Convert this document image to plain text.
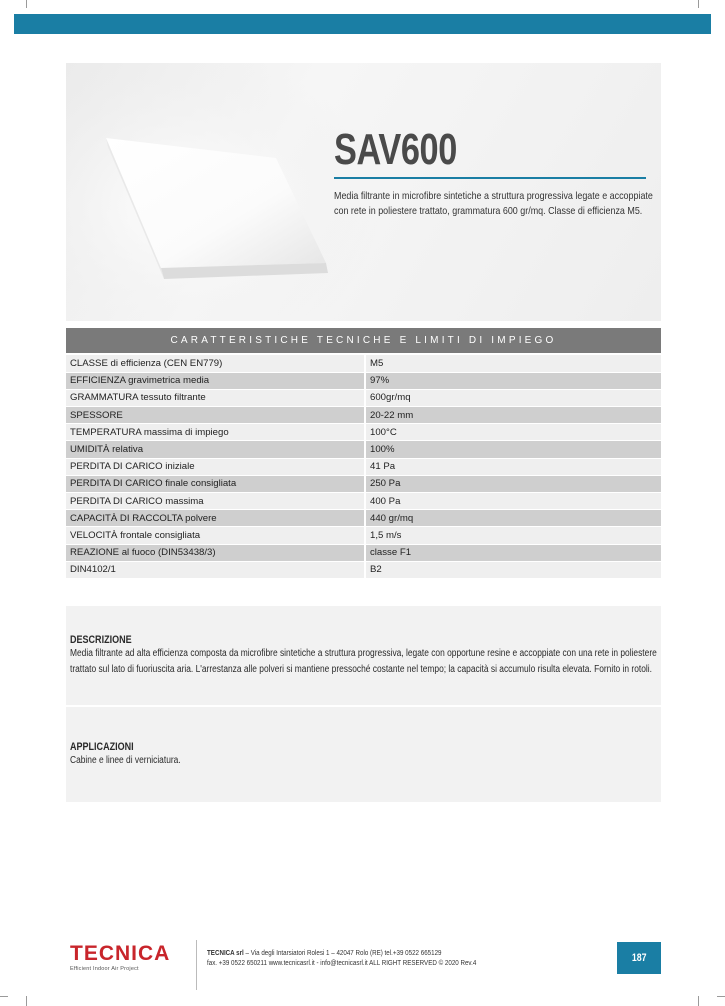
SAV600

Media filtrante in microfibre sintetiche a struttura progressiva legate e accoppiate con rete in poliestere trattato, grammatura 600 gr/mq. Classe di efficienza M5.

CARATTERISTICHE TECNICHE E LIMITI DI IMPIEGO
CLASSE di efficienza (CEN EN779)	M5
EFFICIENZA gravimetrica media	97%
GRAMMATURA tessuto filtrante	600gr/mq
SPESSORE	20-22 mm
TEMPERATURA massima di impiego	100°C
UMIDITÀ relativa	100%
PERDITA DI CARICO iniziale	41 Pa
PERDITA DI CARICO finale consigliata	250 Pa
PERDITA DI CARICO massima	400 Pa
CAPACITÀ DI RACCOLTA polvere	440 gr/mq
VELOCITÀ frontale consigliata	1,5 m/s
REAZIONE al fuoco (DIN53438/3)	classe F1
DIN4102/1	B2
DESCRIZIONE

Media filtrante ad alta efficienza composta da microfibre sintetiche a struttura progressiva, legate con opportune resine e accoppiate con una rete in poliestere trattato sul lato di fuoriuscita aria. L'arrestanza alle polveri si mantiene pressoché costante nel tempo; la capacità si accumulo risulta elevata. Fornito in rotoli.

APPLICAZIONI

Cabine e linee di verniciatura.

TECNICA
Efficient Indoor Air Project
TECNICA srl – Via degli Intarsiatori Rolesi 1 – 42047 Rolo (RE) tel.+39 0522 665129
fax. +39 0522 650211 www.tecnicasrl.it - info@tecnicasrl.it ALL RIGHT RESERVED © 2020 Rev.4	187
